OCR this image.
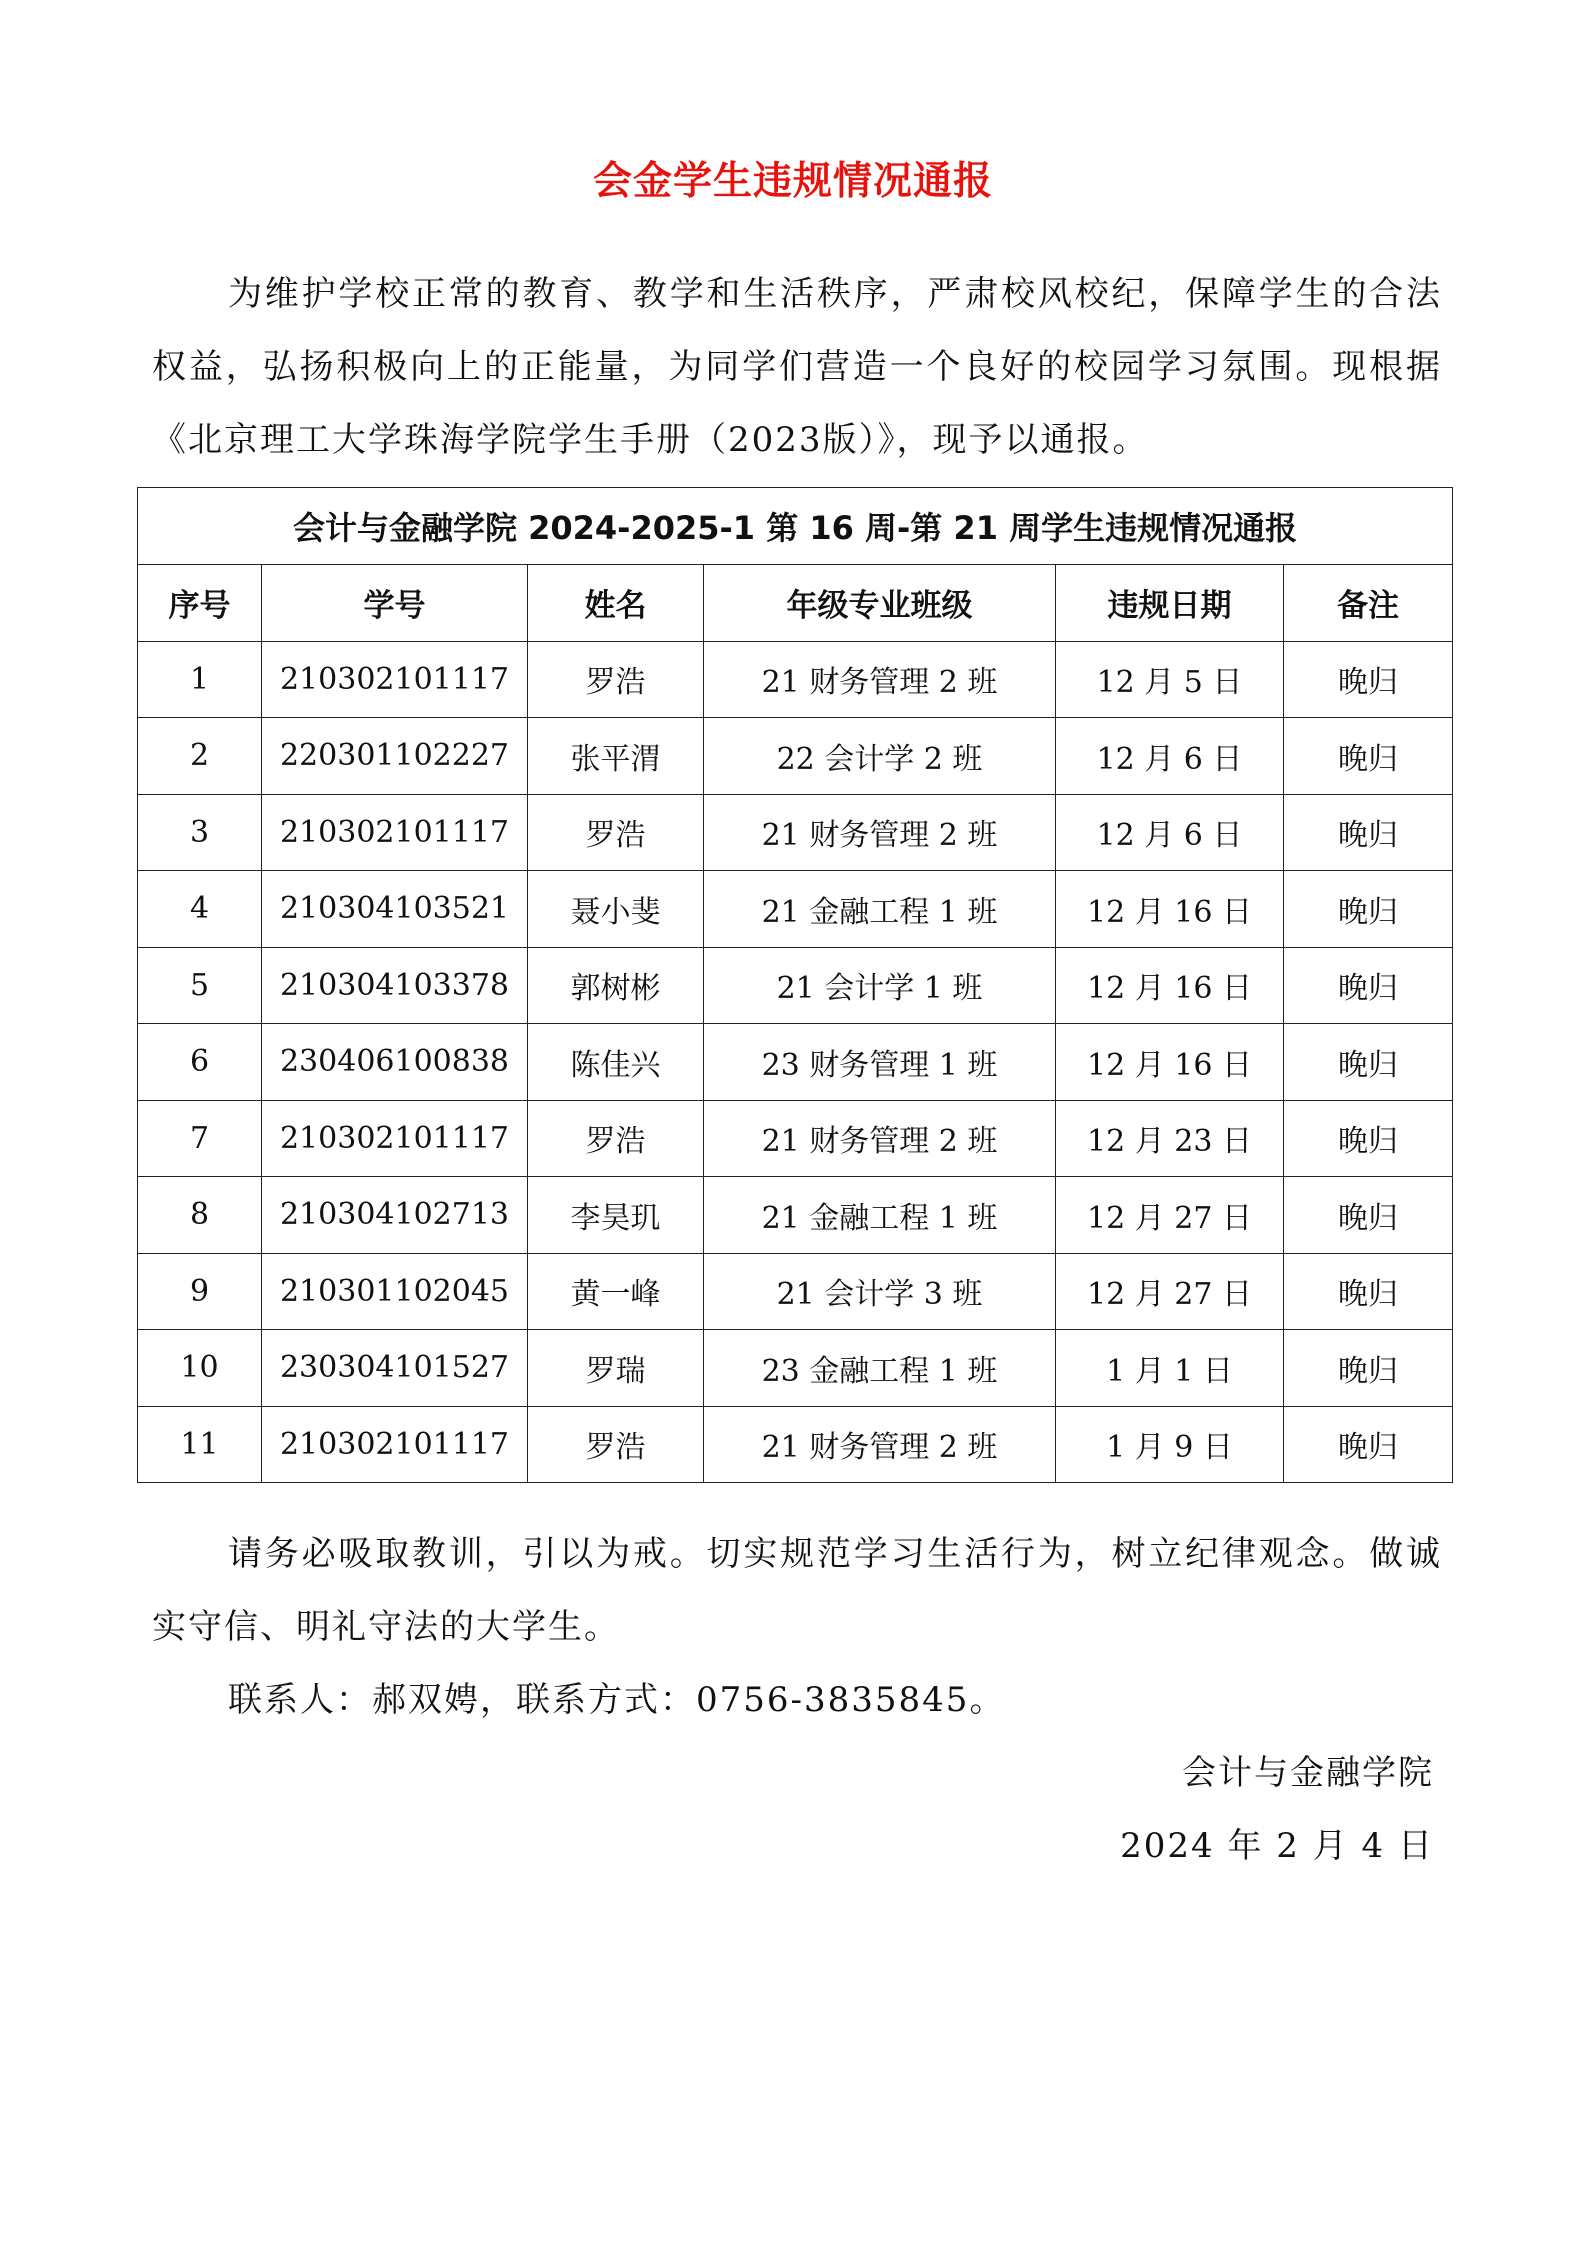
会金学生违规情况通报

为维护学校正常的教育、教学和生活秩序，严肃校风校纪，保障学生的合法权益，弘扬积极向上的正能量，为同学们营造一个良好的校园学习氛围。现根据《北京理工大学珠海学院学生手册（2023版）》，现予以通报。

会计与金融学院 2024-2025-1 第 16 周-第 21 周学生违规情况通报					
序号	学号	姓名	年级专业班级	违规日期	备注
1	210302101117	罗浩	21 财务管理 2 班	12 月 5 日	晚归
2	220301102227	张平渭	22 会计学 2 班	12 月 6 日	晚归
3	210302101117	罗浩	21 财务管理 2 班	12 月 6 日	晚归
4	210304103521	聂小斐	21 金融工程 1 班	12 月 16 日	晚归
5	210304103378	郭树彬	21 会计学 1 班	12 月 16 日	晚归
6	230406100838	陈佳兴	23 财务管理 1 班	12 月 16 日	晚归
7	210302101117	罗浩	21 财务管理 2 班	12 月 23 日	晚归
8	210304102713	李昊玑	21 金融工程 1 班	12 月 27 日	晚归
9	210301102045	黄一峰	21 会计学 3 班	12 月 27 日	晚归
10	230304101527	罗瑞	23 金融工程 1 班	1 月 1 日	晚归
11	210302101117	罗浩	21 财务管理 2 班	1 月 9 日	晚归

请务必吸取教训，引以为戒。切实规范学习生活行为，树立纪律观念。做诚实守信、明礼守法的大学生。

联系人：郝双娉，联系方式：0756-3835845。

会计与金融学院

2024 年 2 月 4 日
